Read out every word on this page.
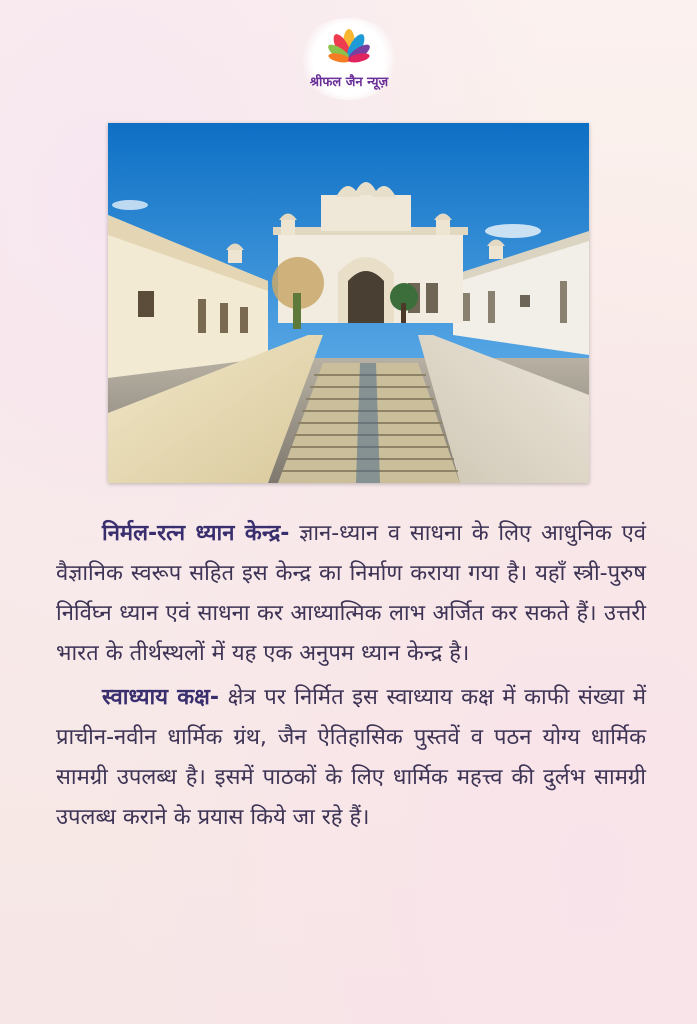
श्रीफल जैन न्यूज़

निर्मल-रत्न ध्यान केन्द्र- ज्ञान-ध्यान व साधना के लिए आधुनिक एवं वैज्ञानिक स्वरूप सहित इस केन्द्र का निर्माण कराया गया है। यहाँ स्त्री-पुरुष निर्विघ्न ध्यान एवं साधना कर आध्यात्मिक लाभ अर्जित कर सकते हैं। उत्तरी भारत के तीर्थस्थलों में यह एक अनुपम ध्यान केन्द्र है।

स्वाध्याय कक्ष- क्षेत्र पर निर्मित इस स्वाध्याय कक्ष में काफी संख्या में प्राचीन-नवीन धार्मिक ग्रंथ, जैन ऐतिहासिक पुस्तवें व पठन योग्य धार्मिक सामग्री उपलब्ध है। इसमें पाठकों के लिए धार्मिक महत्त्व की दुर्लभ सामग्री उपलब्ध कराने के प्रयास किये जा रहे हैं।
